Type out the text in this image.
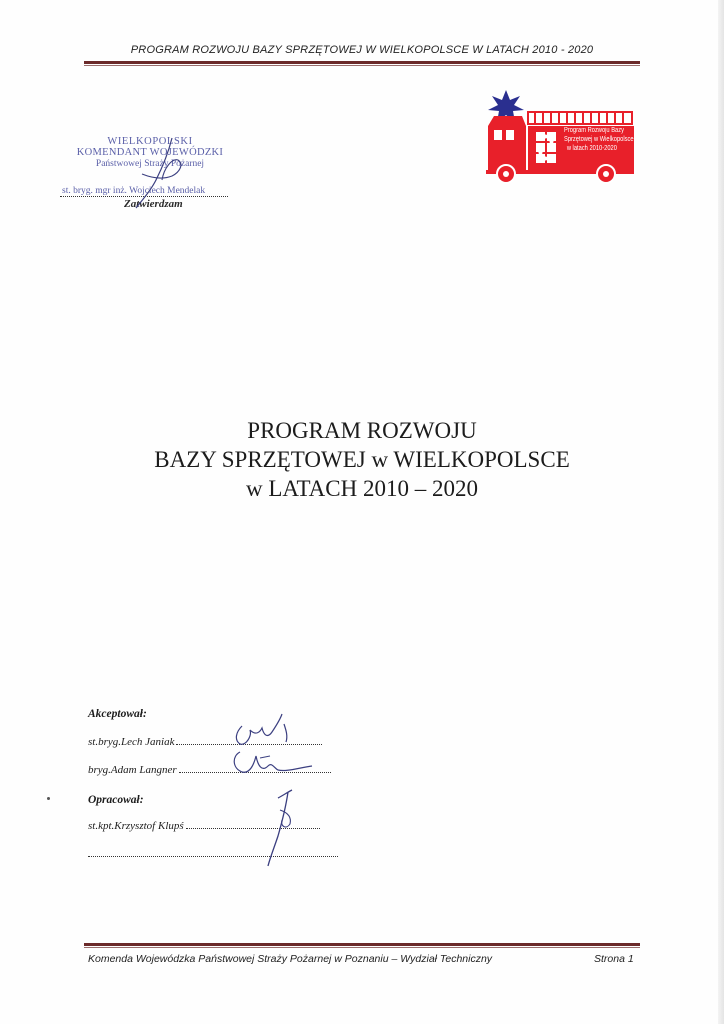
PROGRAM ROZWOJU BAZY SPRZĘTOWEJ W WIELKOPOLSCE W LATACH 2010 - 2020
WIELKOPOLSKI
KOMENDANT WOJEWÓDZKI
Państwowej Straży Pożarnej
st. bryg. mgr inż. Wojciech Mendelak
Zatwierdzam
Program Rozwoju Bazy
Sprzętowej w Wielkopolsce
w latach 2010-2020
PROGRAM ROZWOJU
BAZY SPRZĘTOWEJ w WIELKOPOLSCE
w LATACH 2010 – 2020
Akceptował:
st.bryg.Lech Janiak
bryg.Adam Langner
Opracował:
st.kpt.Krzysztof Klupś
Komenda Wojewódzka Państwowej Straży Pożarnej w Poznaniu – Wydział Techniczny	Strona 1
